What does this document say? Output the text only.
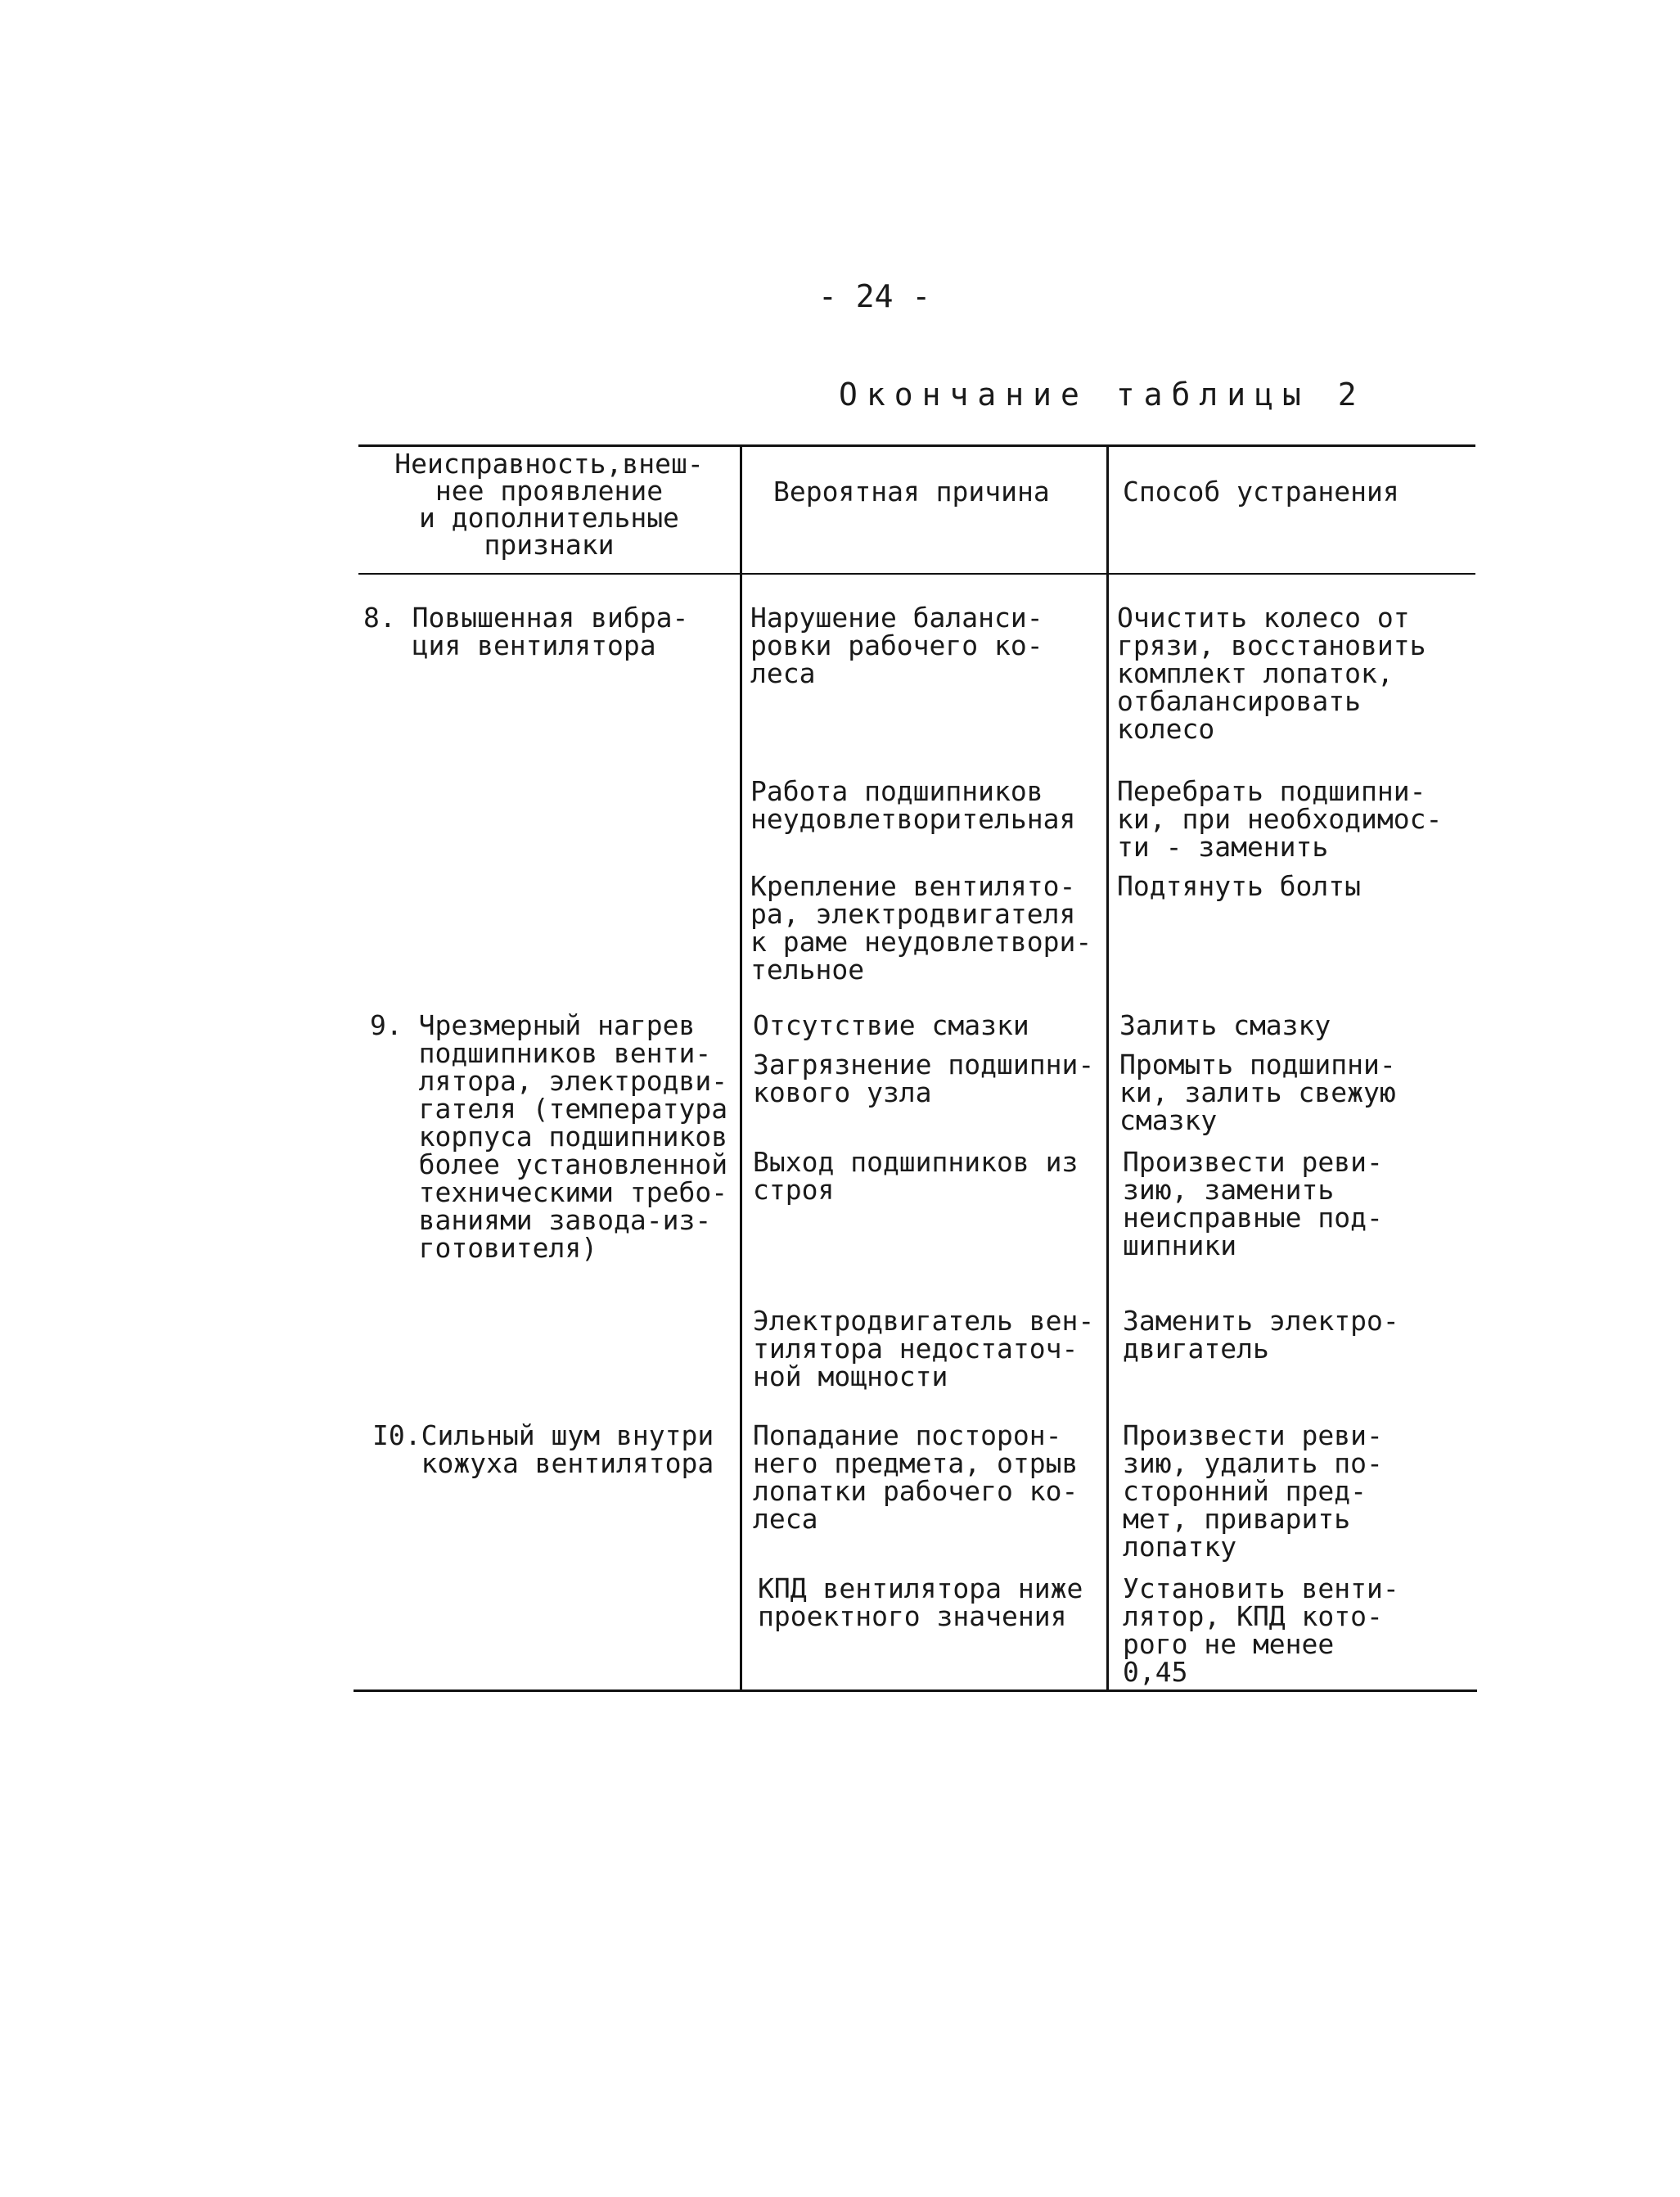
- 24 -
Окончание таблицы 2
Неисправность,внеш-
нее проявление
и дополнительные
признаки
Вероятная причина	Способ устранения
8. Повышенная вибра-
ция вентилятора
Нарушение баланси-
ровки рабочего ко-
леса
Очистить колесо от
грязи, восстановить
комплект лопаток,
отбалансировать
колесо
Работа подшипников
неудовлетворительная
Перебрать подшипни-
ки, при необходимос-
ти - заменить
Крепление вентилято-
ра, электродвигателя
к раме неудовлетвори-
тельное
Подтянуть болты
9. Чрезмерный нагрев
подшипников венти-
лятора, электродви-
гателя (температура
корпуса подшипников
более установленной
техническими требо-
ваниями завода-из-
готовителя)
Отсутствие смазки	Залить смазку
Загрязнение подшипни-
кового узла
Промыть подшипни-
ки, залить свежую
смазку
Выход подшипников из
строя
Произвести реви-
зию, заменить
неисправные под-
шипники
Электродвигатель вен-
тилятора недостаточ-
ной мощности
Заменить электро-
двигатель
I0.Сильный шум внутри
кожуха вентилятора
Попадание посторон-
него предмета, отрыв
лопатки рабочего ко-
леса
Произвести реви-
зию, удалить по-
сторонний пред-
мет, приварить
лопатку
КПД вентилятора ниже
проектного значения
Установить венти-
лятор, КПД кото-
рого не менее
0,45
